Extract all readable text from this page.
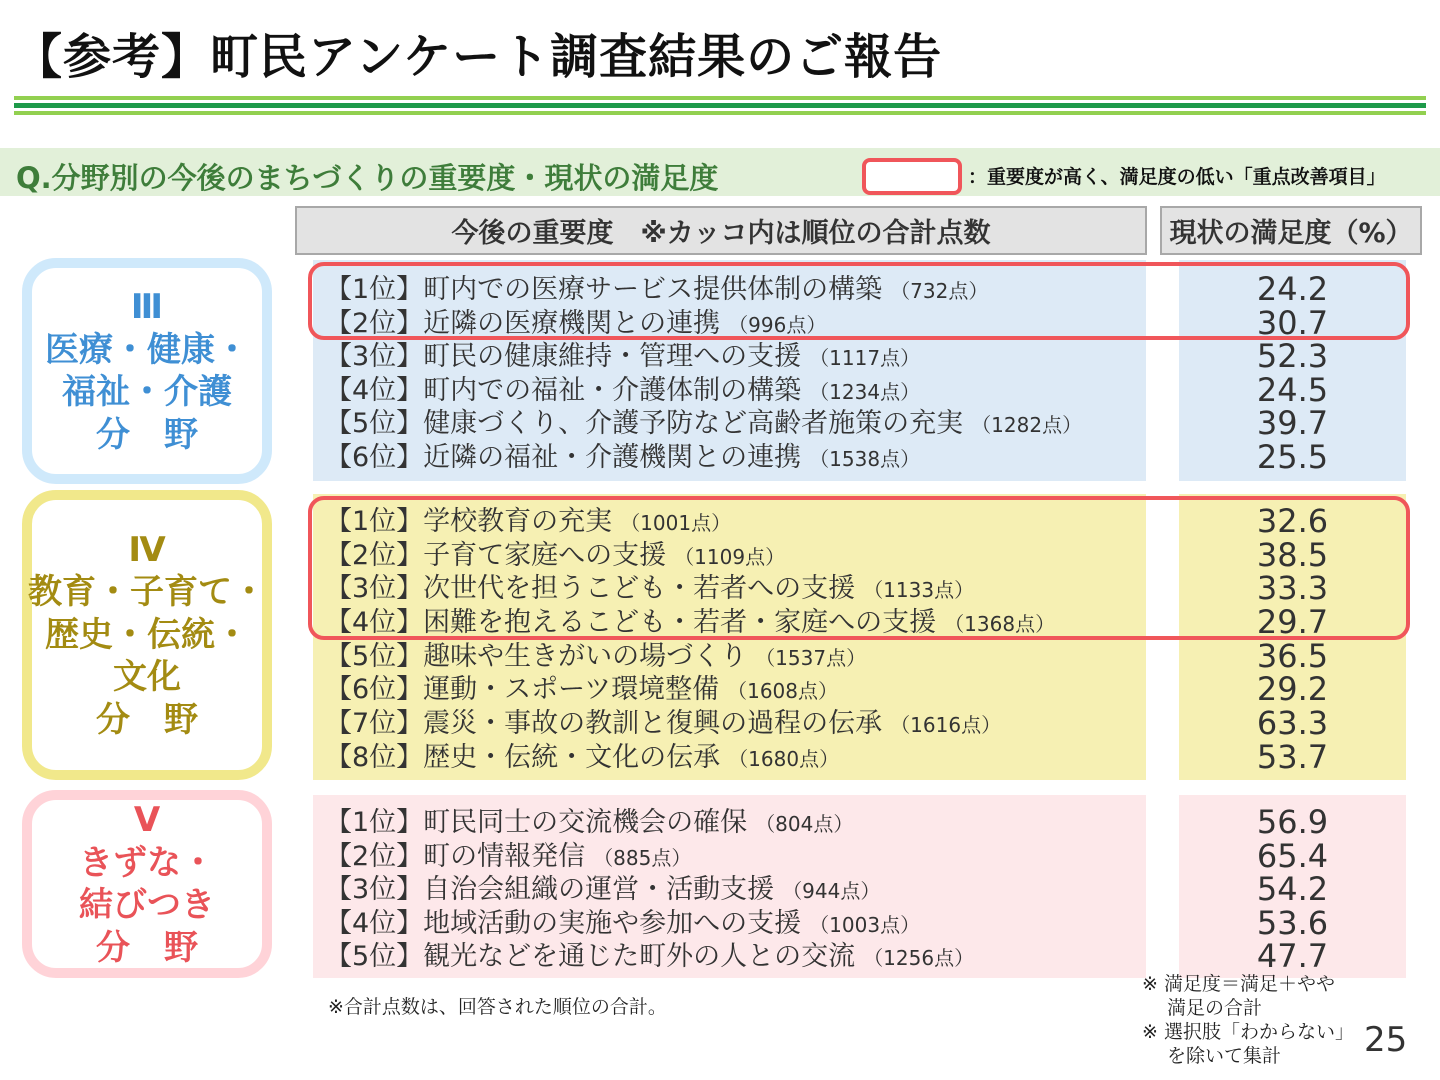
【参考】町民アンケート調査結果のご報告
Q.分野別の今後のまちづくりの重要度・現状の満足度	：重要度が高く、満足度の低い「重点改善項目」
今後の重要度　※カッコ内は順位の合計点数	現状の満足度（%）
Ⅲ
医療・健康・
福祉・介護
分　野
Ⅳ
教育・子育て・
歴史・伝統・
文化
分　野
Ⅴ
きずな・
結びつき
分　野
【1位】町内での医療サービス提供体制の構築 （732点）	24.2
【2位】近隣の医療機関との連携 （996点）	30.7
【3位】町民の健康維持・管理への支援 （1117点）	52.3
【4位】町内での福祉・介護体制の構築 （1234点）	24.5
【5位】健康づくり、介護予防など高齢者施策の充実 （1282点）	39.7
【6位】近隣の福祉・介護機関との連携 （1538点）	25.5
【1位】学校教育の充実 （1001点）	32.6
【2位】子育て家庭への支援 （1109点）	38.5
【3位】次世代を担うこども・若者への支援 （1133点）	33.3
【4位】困難を抱えるこども・若者・家庭への支援 （1368点）	29.7
【5位】趣味や生きがいの場づくり （1537点）	36.5
【6位】運動・スポーツ環境整備 （1608点）	29.2
【7位】震災・事故の教訓と復興の過程の伝承 （1616点）	63.3
【8位】歴史・伝統・文化の伝承 （1680点）	53.7
【1位】町民同士の交流機会の確保 （804点）	56.9
【2位】町の情報発信 （885点）	65.4
【3位】自治会組織の運営・活動支援 （944点）	54.2
【4位】地域活動の実施や参加への支援 （1003点）	53.6
【5位】観光などを通じた町外の人との交流 （1256点）	47.7
※合計点数は、回答された順位の合計。
※ 満足度＝満足＋やや
　 満足の合計
※ 選択肢「わからない」
　 を除いて集計	25
